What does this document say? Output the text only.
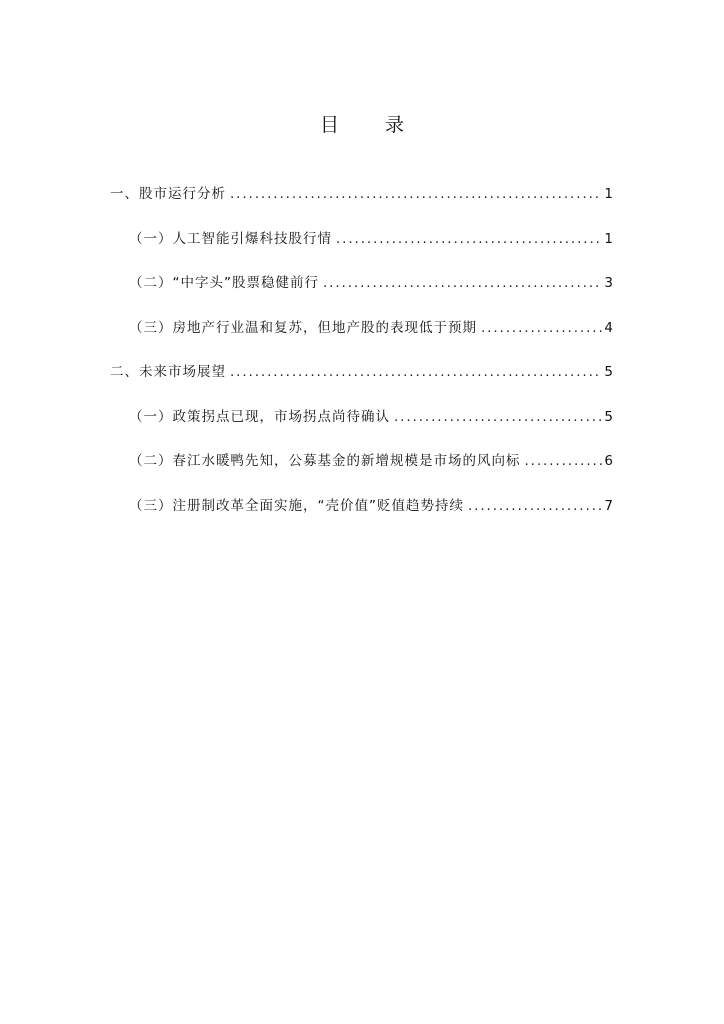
目 录
一、股市运行分析 . . .	1
（一）人工智能引爆科技股行情 . . .	1
（二）“中字头”股票稳健前行 . . .	3
（三）房地产行业温和复苏，但地产股的表现低于预期 . . .	4
二、未来市场展望 . . .	5
（一）政策拐点已现，市场拐点尚待确认 . . .	5
（二）春江水暖鸭先知，公募基金的新增规模是市场的风向标 . . .	6
（三）注册制改革全面实施，“壳价值”贬值趋势持续 . . .	7
